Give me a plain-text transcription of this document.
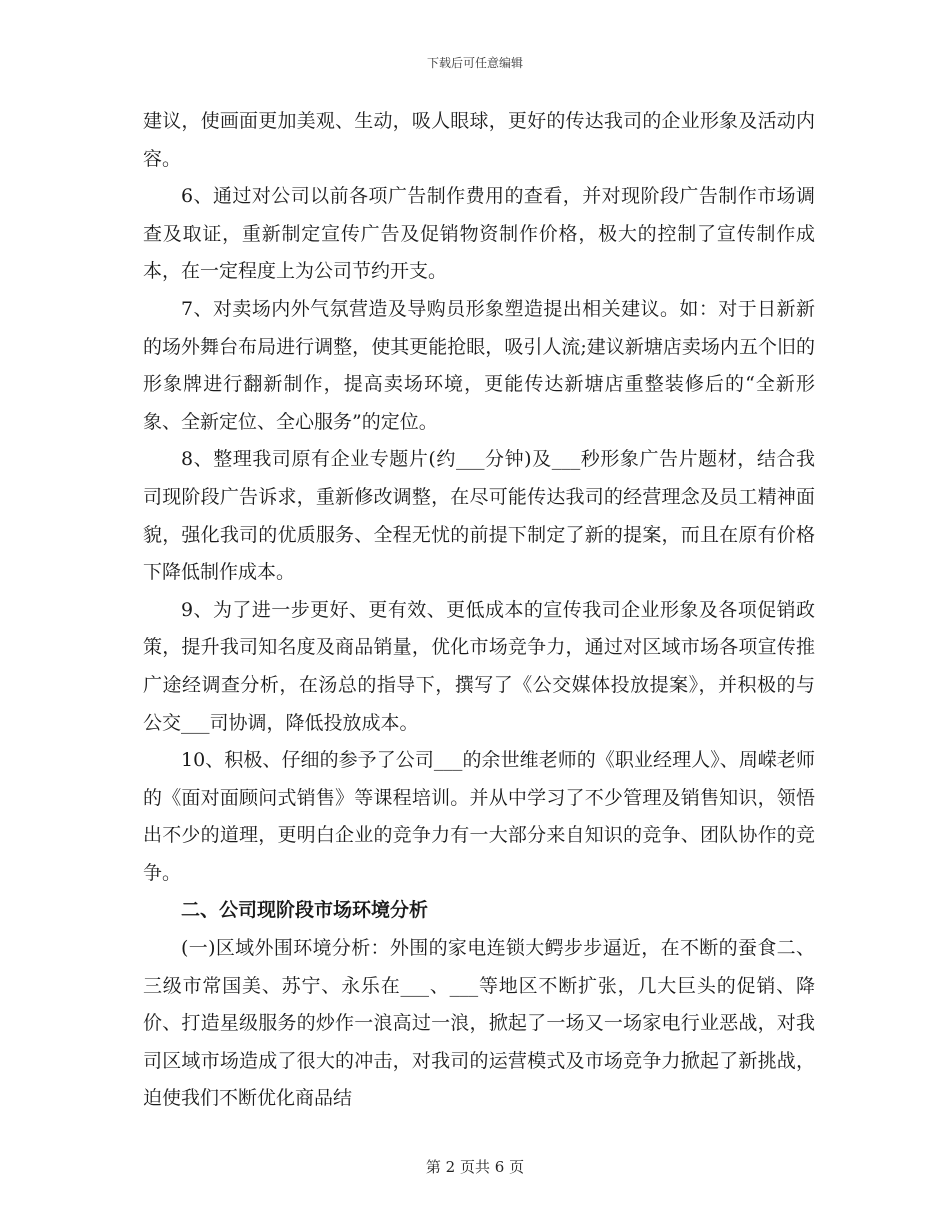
下载后可任意编辑

建议，使画面更加美观、生动，吸人眼球，更好的传达我司的企业形象及活动内容。

6、通过对公司以前各项广告制作费用的查看，并对现阶段广告制作市场调查及取证，重新制定宣传广告及促销物资制作价格，极大的控制了宣传制作成本，在一定程度上为公司节约开支。

7、对卖场内外气氛营造及导购员形象塑造提出相关建议。如：对于日新新的场外舞台布局进行调整，使其更能抢眼，吸引人流;建议新塘店卖场内五个旧的形象牌进行翻新制作，提高卖场环境，更能传达新塘店重整装修后的“全新形象、全新定位、全心服务”的定位。

8、整理我司原有企业专题片(约___分钟)及___秒形象广告片题材，结合我司现阶段广告诉求，重新修改调整，在尽可能传达我司的经营理念及员工精神面貌，强化我司的优质服务、全程无忧的前提下制定了新的提案，而且在原有价格下降低制作成本。

9、为了进一步更好、更有效、更低成本的宣传我司企业形象及各项促销政策，提升我司知名度及商品销量，优化市场竞争力，通过对区域市场各项宣传推广途经调查分析，在汤总的指导下，撰写了《公交媒体投放提案》，并积极的与公交___司协调，降低投放成本。

10、积极、仔细的参予了公司___的余世维老师的《职业经理人》、周嵘老师的《面对面顾问式销售》等课程培训。并从中学习了不少管理及销售知识，领悟出不少的道理，更明白企业的竞争力有一大部分来自知识的竞争、团队协作的竞争。

二、公司现阶段市场环境分析

(一)区域外围环境分析：外围的家电连锁大鳄步步逼近，在不断的蚕食二、三级市常国美、苏宁、永乐在___、___等地区不断扩张，几大巨头的促销、降价、打造星级服务的炒作一浪高过一浪，掀起了一场又一场家电行业恶战，对我司区域市场造成了很大的冲击，对我司的运营模式及市场竞争力掀起了新挑战，迫使我们不断优化商品结

第 2 页共 6 页
